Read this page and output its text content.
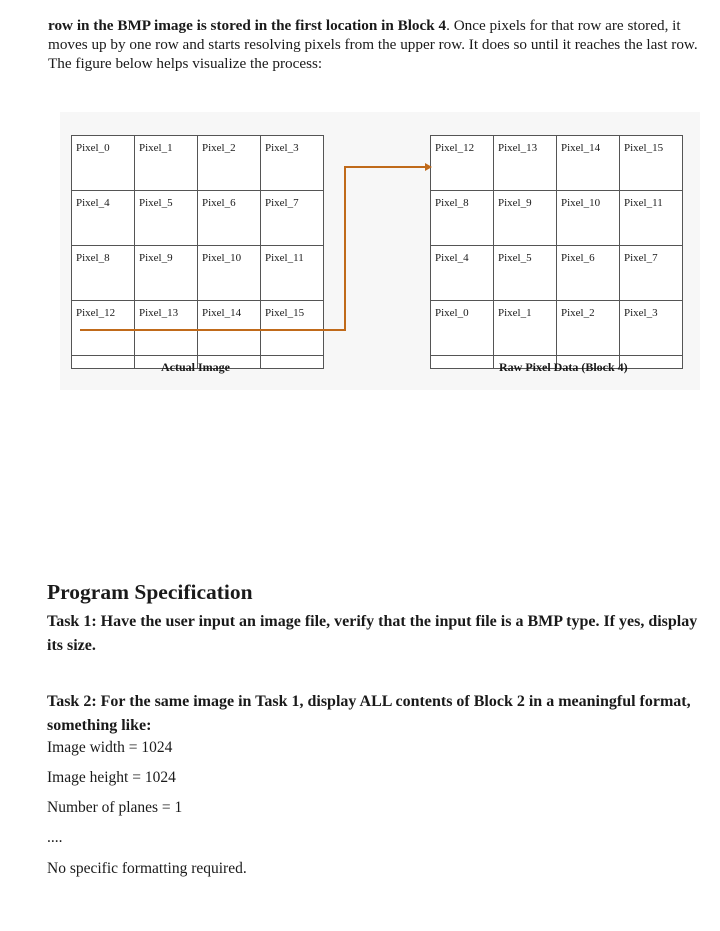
row in the BMP image is stored in the first location in Block 4. Once pixels for that row are stored, it moves up by one row and starts resolving pixels from the upper row. It does so until it reaches the last row. The figure below helps visualize the process:
Pixel_0	Pixel_1	Pixel_2	Pixel_3
Pixel_4	Pixel_5	Pixel_6	Pixel_7
Pixel_8	Pixel_9	Pixel_10	Pixel_11
Pixel_12	Pixel_13	Pixel_14	Pixel_15

Pixel_12	Pixel_13	Pixel_14	Pixel_15
Pixel_8	Pixel_9	Pixel_10	Pixel_11
Pixel_4	Pixel_5	Pixel_6	Pixel_7
Pixel_0	Pixel_1	Pixel_2	Pixel_3

Actual Image	Raw Pixel Data (Block 4)
Program Specification
Task 1: Have the user input an image file, verify that the input file is a BMP type. If yes, display its size.
Task 2: For the same image in Task 1, display ALL contents of Block 2 in a meaningful format, something like:
Image width = 1024
Image height = 1024
Number of planes = 1
....
No specific formatting required.
